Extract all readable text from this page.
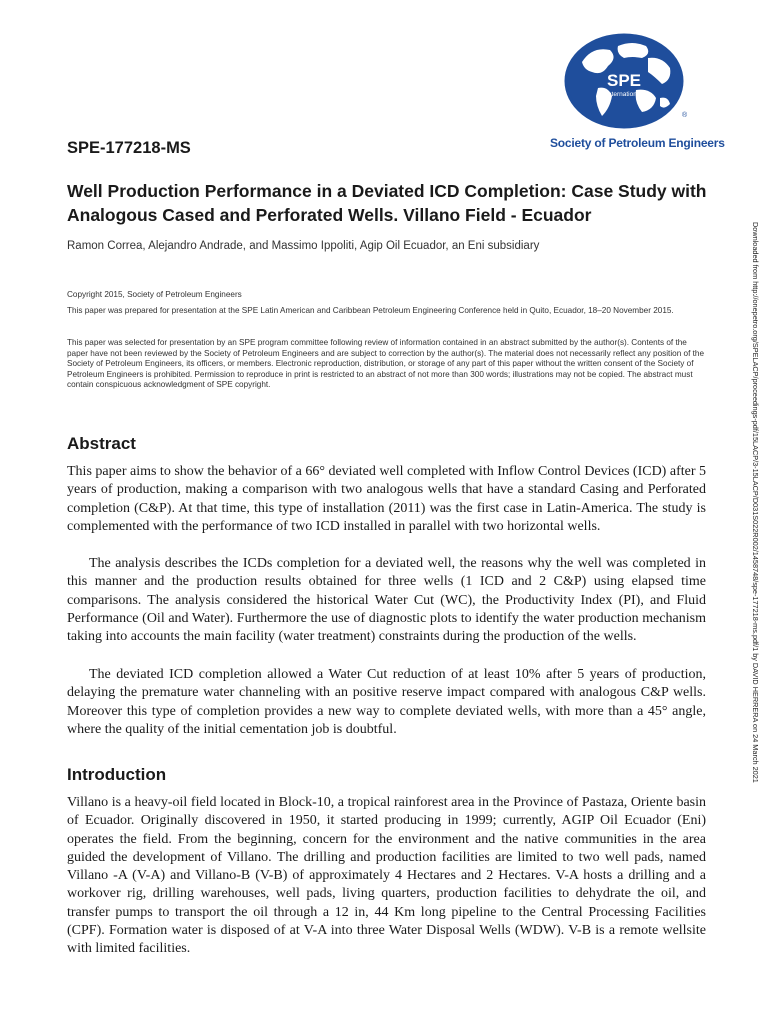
SPE
International
®
Society of Petroleum Engineers
SPE-177218-MS
Well Production Performance in a Deviated ICD Completion: Case Study with Analogous Cased and Perforated Wells. Villano Field - Ecuador

Ramon Correa, Alejandro Andrade, and Massimo Ippoliti, Agip Oil Ecuador, an Eni subsidiary

Copyright 2015, Society of Petroleum Engineers

This paper was prepared for presentation at the SPE Latin American and Caribbean Petroleum Engineering Conference held in Quito, Ecuador, 18–20 November 2015.

This paper was selected for presentation by an SPE program committee following review of information contained in an abstract submitted by the author(s). Contents of the paper have not been reviewed by the Society of Petroleum Engineers and are subject to correction by the author(s). The material does not necessarily reflect any position of the Society of Petroleum Engineers, its officers, or members. Electronic reproduction, distribution, or storage of any part of this paper without the written consent of the Society of Petroleum Engineers is prohibited. Permission to reproduce in print is restricted to an abstract of not more than 300 words; illustrations may not be copied. The abstract must contain conspicuous acknowledgment of SPE copyright.

Abstract

This paper aims to show the behavior of a 66° deviated well completed with Inflow Control Devices (ICD) after 5 years of production, making a comparison with two analogous wells that have a standard Casing and Perforated completion (C&P). At that time, this type of installation (2011) was the first case in Latin-America. The study is complemented with the performance of two ICD installed in parallel with two horizontal wells.

The analysis describes the ICDs completion for a deviated well, the reasons why the well was completed in this manner and the production results obtained for three wells (1 ICD and 2 C&P) using elapsed time comparisons. The analysis considered the historical Water Cut (WC), the Productivity Index (PI), and Fluid Performance (Oil and Water). Furthermore the use of diagnostic plots to identify the water production mechanism taking into accounts the main facility (water treatment) constraints during the production of the wells.

The deviated ICD completion allowed a Water Cut reduction of at least 10% after 5 years of production, delaying the premature water channeling with an positive reserve impact compared with analogous C&P wells. Moreover this type of completion provides a new way to complete deviated wells, with more than a 45° angle, where the quality of the initial cementation job is doubtful.

Introduction

Villano is a heavy-oil field located in Block-10, a tropical rainforest area in the Province of Pastaza, Oriente basin of Ecuador. Originally discovered in 1950, it started producing in 1999; currently, AGIP Oil Ecuador (Eni) operates the field. From the beginning, concern for the environment and the native communities in the area guided the development of Villano. The drilling and production facilities are limited to two well pads, named Villano -A (V-A) and Villano-B (V-B) of approximately 4 Hectares and 2 Hectares. V-A hosts a drilling and a workover rig, drilling warehouses, well pads, living quarters, production facilities to dehydrate the oil, and transfer pumps to transport the oil through a 12 in, 44 Km long pipeline to the Central Processing Facilities (CPF). Formation water is disposed of at V-A into three Water Disposal Wells (WDW). V-B is a remote wellsite with limited facilities.

Downloaded from http://onepetro.org/SPELACP/proceedings-pdf/15LACP/3-15LACP/D031S022R002/1458748/spe-177218-ms.pdf/1 by DAVID HERRERA on 24 March 2021
